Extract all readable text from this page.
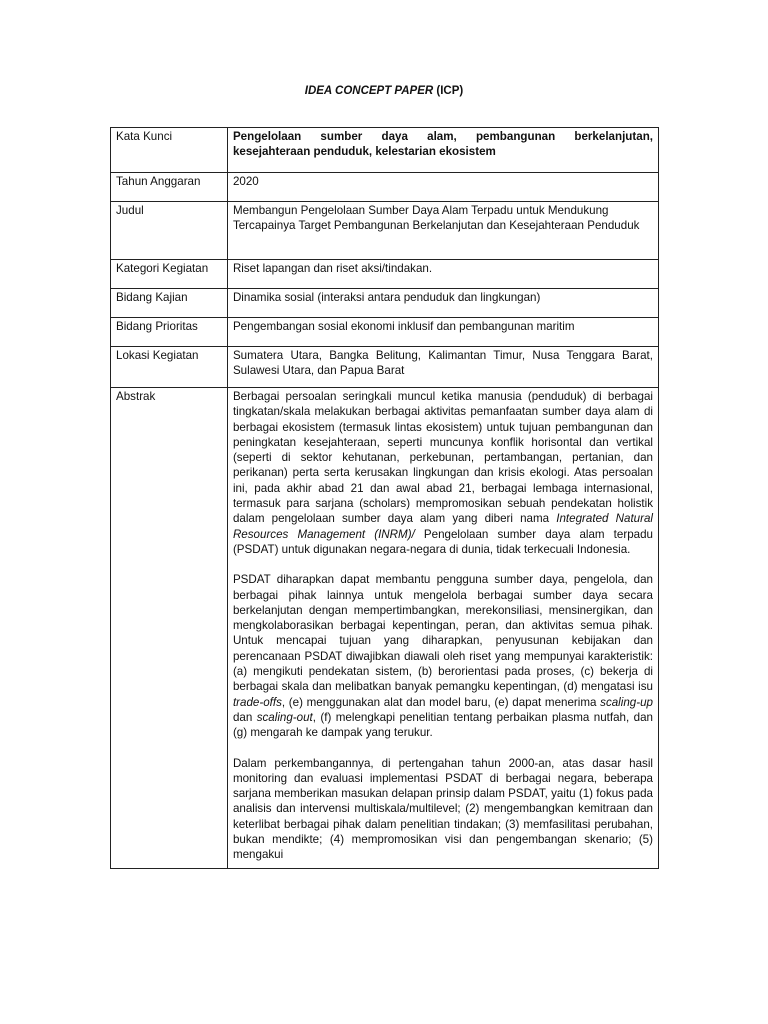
IDEA CONCEPT PAPER (ICP)
Kata Kunci	Pengelolaan sumber daya alam, pembangunan berkelanjutan, kesejahteraan penduduk, kelestarian ekosistem
Tahun Anggaran	2020
Judul	Membangun Pengelolaan Sumber Daya Alam Terpadu untuk Mendukung Tercapainya Target Pembangunan Berkelanjutan dan Kesejahteraan Penduduk
Kategori Kegiatan	Riset lapangan dan riset aksi/tindakan.
Bidang Kajian	Dinamika sosial (interaksi antara penduduk dan lingkungan)
Bidang Prioritas	Pengembangan sosial ekonomi inklusif dan pembangunan maritim
Lokasi Kegiatan	Sumatera Utara, Bangka Belitung, Kalimantan Timur, Nusa Tenggara Barat, Sulawesi Utara, dan Papua Barat
Abstrak	Berbagai persoalan seringkali muncul ketika manusia (penduduk) di berbagai tingkatan/skala melakukan berbagai aktivitas pemanfaatan sumber daya alam di berbagai ekosistem (termasuk lintas ekosistem) untuk tujuan pembangunan dan peningkatan kesejahteraan, seperti muncunya konflik horisontal dan vertikal (seperti di sektor kehutanan, perkebunan, pertambangan, pertanian, dan perikanan) perta serta kerusakan lingkungan dan krisis ekologi. Atas persoalan ini, pada akhir abad 21 dan awal abad 21, berbagai lembaga internasional, termasuk para sarjana (scholars) mempromosikan sebuah pendekatan holistik dalam pengelolaan sumber daya alam yang diberi nama Integrated Natural Resources Management (INRM)/ Pengelolaan sumber daya alam terpadu (PSDAT) untuk digunakan negara-negara di dunia, tidak terkecuali Indonesia.
PSDAT diharapkan dapat membantu pengguna sumber daya, pengelola, dan berbagai pihak lainnya untuk mengelola berbagai sumber daya secara berkelanjutan dengan mempertimbangkan, merekonsiliasi, mensinergikan, dan mengkolaborasikan berbagai kepentingan, peran, dan aktivitas semua pihak. Untuk mencapai tujuan yang diharapkan, penyusunan kebijakan dan perencanaan PSDAT diwajibkan diawali oleh riset yang mempunyai karakteristik: (a) mengikuti pendekatan sistem, (b) berorientasi pada proses, (c) bekerja di berbagai skala dan melibatkan banyak pemangku kepentingan, (d) mengatasi isu trade-offs, (e) menggunakan alat dan model baru, (e) dapat menerima scaling-up dan scaling-out, (f) melengkapi penelitian tentang perbaikan plasma nutfah, dan (g) mengarah ke dampak yang terukur.
Dalam perkembangannya, di pertengahan tahun 2000-an, atas dasar hasil monitoring dan evaluasi implementasi PSDAT di berbagai negara, beberapa sarjana memberikan masukan delapan prinsip dalam PSDAT, yaitu (1) fokus pada analisis dan intervensi multiskala/multilevel; (2) mengembangkan kemitraan dan keterlibat berbagai pihak dalam penelitian tindakan; (3) memfasilitasi perubahan, bukan mendikte; (4) mempromosikan visi dan pengembangan skenario; (5) mengakui
